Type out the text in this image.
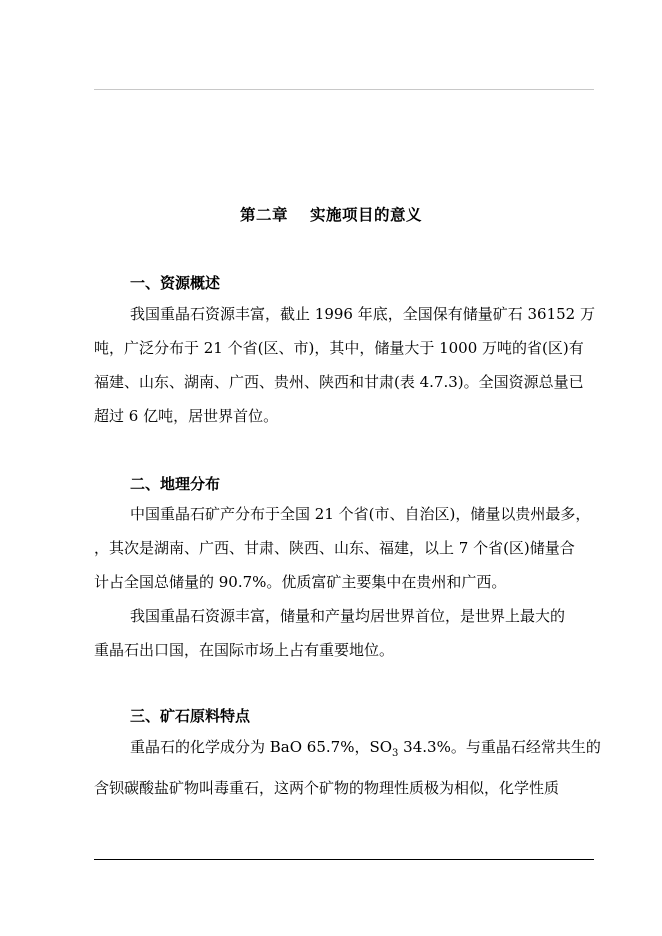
第二章　 实施项目的意义
一、资源概述
我国重晶石资源丰富，截止 1996 年底，全国保有储量矿石 36152 万
吨，广泛分布于 21 个省(区、市)，其中，储量大于 1000 万吨的省(区)有
福建、山东、湖南、广西、贵州、陕西和甘肃(表 4.7.3)。全国资源总量已
超过 6 亿吨，居世界首位。
二、地理分布
中国重晶石矿产分布于全国 21 个省(市、自治区)，储量以贵州最多，
，其次是湖南、广西、甘肃、陕西、山东、福建，以上 7 个省(区)储量合
计占全国总储量的 90.7%。优质富矿主要集中在贵州和广西。
我国重晶石资源丰富，储量和产量均居世界首位，是世界上最大的
重晶石出口国，在国际市场上占有重要地位。
三、矿石原料特点
重晶石的化学成分为 BaO 65.7%，$SO_3$ 34.3%。与重晶石经常共生的
含钡碳酸盐矿物叫毒重石，这两个矿物的物理性质极为相似，化学性质
